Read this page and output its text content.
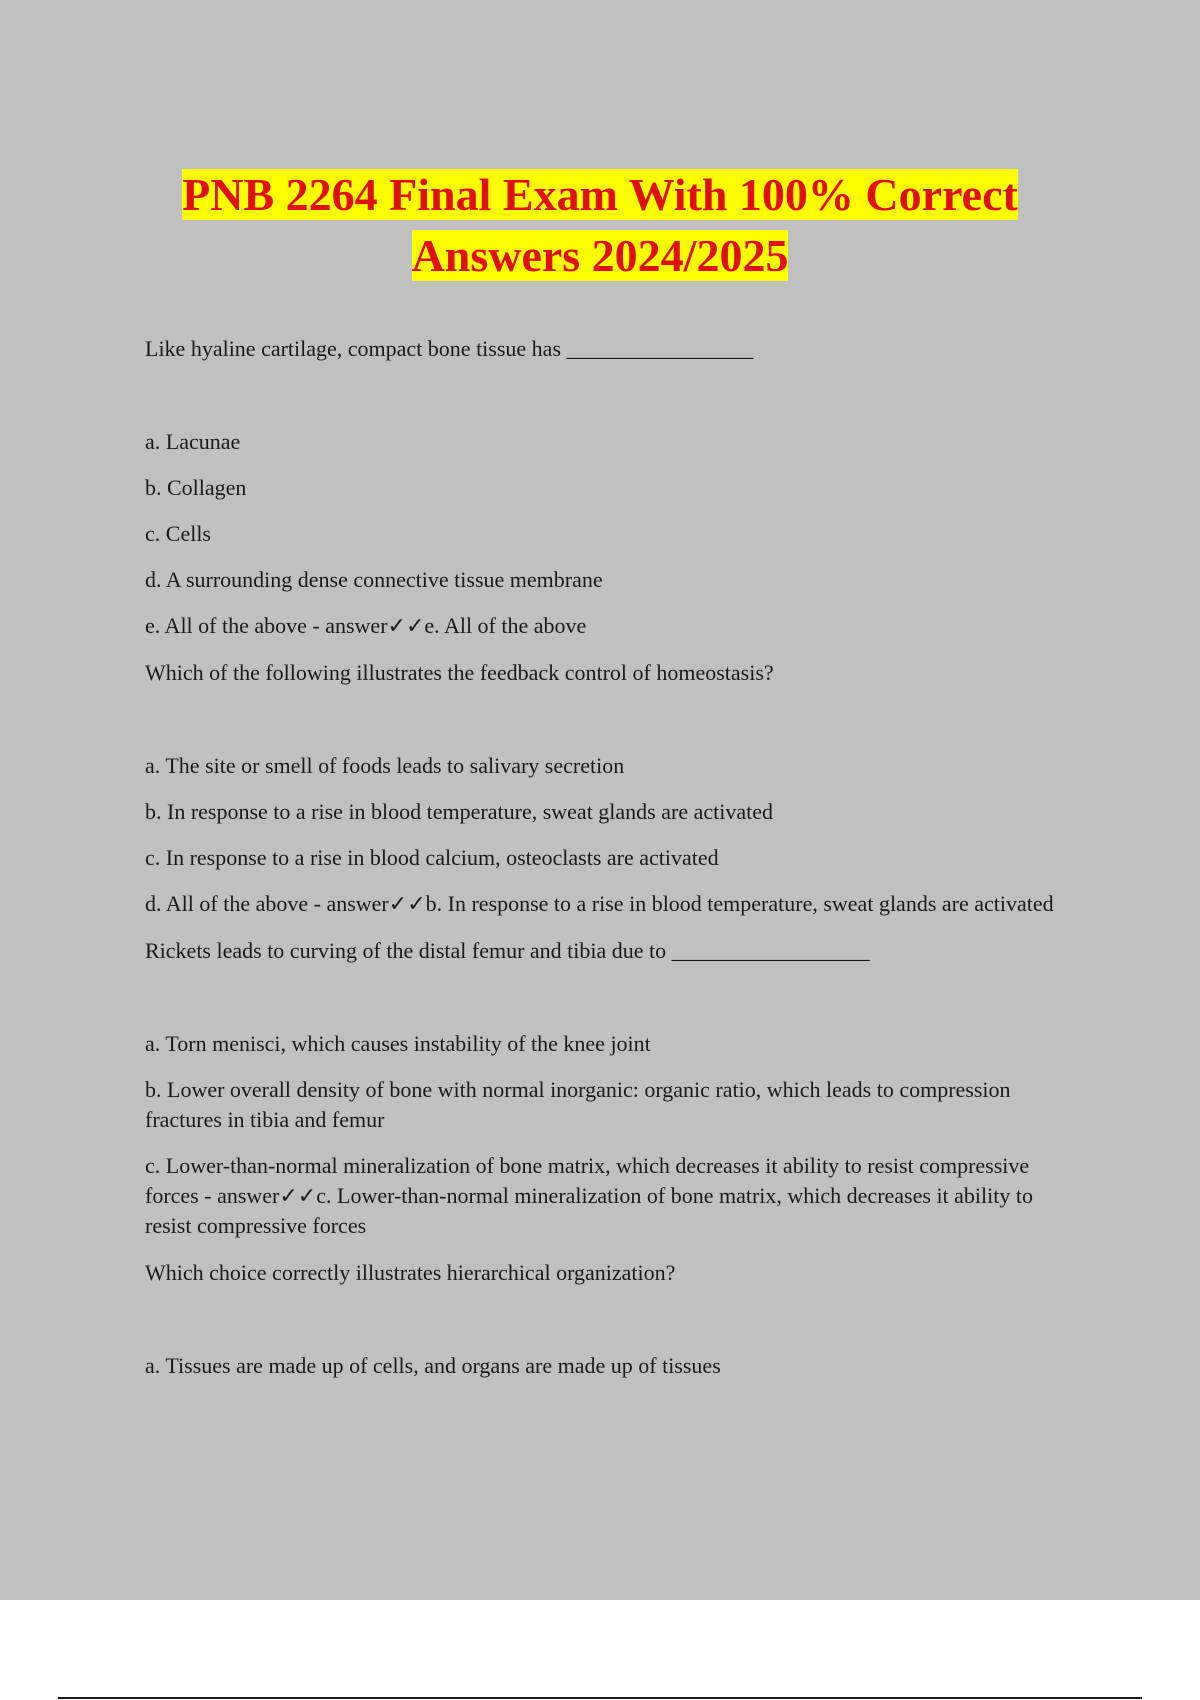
PNB 2264 Final Exam With 100% Correct
Answers 2024/2025

Like hyaline cartilage, compact bone tissue has _________________

a. Lacunae

b. Collagen

c. Cells

d. A surrounding dense connective tissue membrane

e. All of the above - answer✓✓e. All of the above

Which of the following illustrates the feedback control of homeostasis?

a. The site or smell of foods leads to salivary secretion

b. In response to a rise in blood temperature, sweat glands are activated

c. In response to a rise in blood calcium, osteoclasts are activated

d. All of the above - answer✓✓b. In response to a rise in blood temperature, sweat glands are activated

Rickets leads to curving of the distal femur and tibia due to __________________

a. Torn menisci, which causes instability of the knee joint

b. Lower overall density of bone with normal inorganic: organic ratio, which leads to compression fractures in tibia and femur

c. Lower-than-normal mineralization of bone matrix, which decreases it ability to resist compressive forces - answer✓✓c. Lower-than-normal mineralization of bone matrix, which decreases it ability to resist compressive forces

Which choice correctly illustrates hierarchical organization?

a. Tissues are made up of cells, and organs are made up of tissues
